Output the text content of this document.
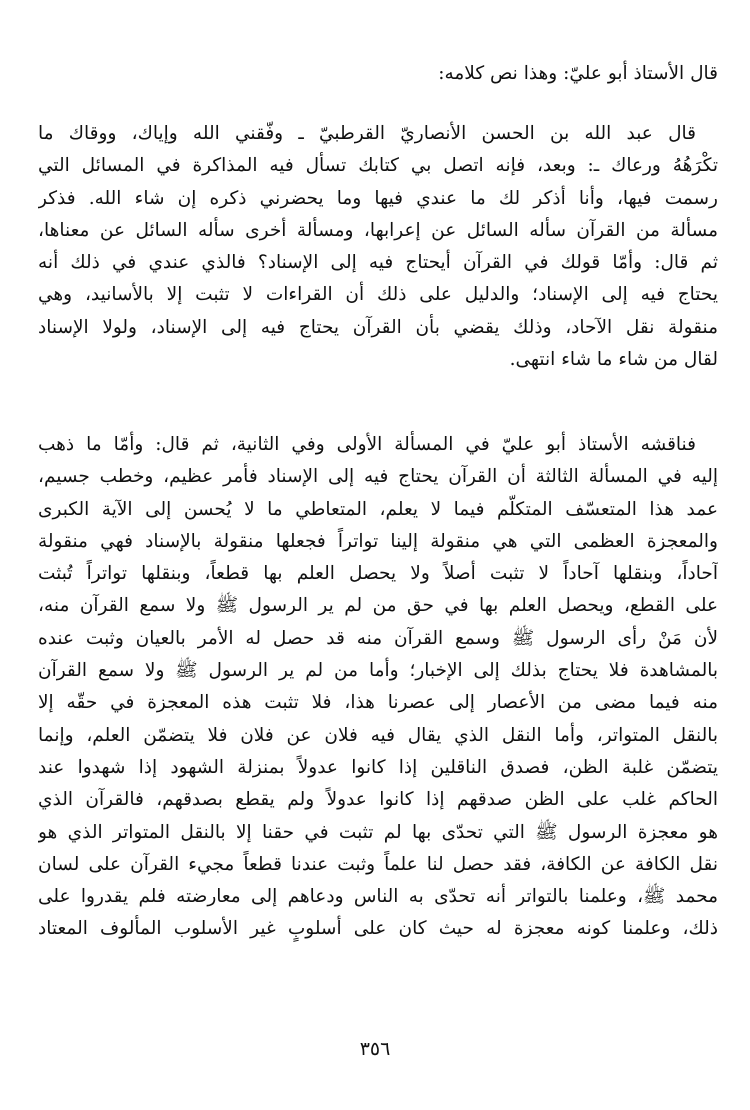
قال الأستاذ أبو عليّ: وهذا نص كلامه:
قال عبد الله بن الحسن الأنصاريّ القرطبيّ ـ وفّقني الله وإياك، ووقاك ما
تكْرَهُهُ ورعاك ـ: وبعد، فإنه اتصل بي كتابك تسأل فيه المذاكرة في المسائل التي
رسمت فيها، وأنا أذكر لك ما عندي فيها وما يحضرني ذكره إن شاء الله. فذكر
مسألة من القرآن سأله السائل عن إعرابها، ومسألة أخرى سأله السائل عن معناها،
ثم قال: وأمّا قولك في القرآن أيحتاج فيه إلى الإسناد؟ فالذي عندي في ذلك أنه
يحتاج فيه إلى الإسناد؛ والدليل على ذلك أن القراءات لا تثبت إلا بالأسانيد، وهي
منقولة نقل الآحاد، وذلك يقضي بأن القرآن يحتاج فيه إلى الإسناد، ولولا الإسناد
لقال من شاء ما شاء انتهى.
فناقشه الأستاذ أبو عليّ في المسألة الأولى وفي الثانية، ثم قال: وأمّا ما ذهب
إليه في المسألة الثالثة أن القرآن يحتاج فيه إلى الإسناد فأمر عظيم، وخطب جسيم،
عمد هذا المتعسّف المتكلّم فيما لا يعلم، المتعاطي ما لا يُحسن إلى الآية الكبرى
والمعجزة العظمى التي هي منقولة إلينا تواتراً فجعلها منقولة بالإسناد فهي منقولة
آحاداً، وبنقلها آحاداً لا تثبت أصلاً ولا يحصل العلم بها قطعاً، وبنقلها تواتراً تُبثت
على القطع، ويحصل العلم بها في حق من لم ير الرسول ﷺ ولا سمع القرآن منه،
لأن مَنْ رأى الرسول ﷺ وسمع القرآن منه قد حصل له الأمر بالعيان وثبت عنده
بالمشاهدة فلا يحتاج بذلك إلى الإخبار؛ وأما من لم ير الرسول ﷺ ولا سمع القرآن
منه فيما مضى من الأعصار إلى عصرنا هذا، فلا تثبت هذه المعجزة في حقّه إلا
بالنقل المتواتر، وأما النقل الذي يقال فيه فلان عن فلان فلا يتضمّن العلم، وإنما
يتضمّن غلبة الظن، فصدق الناقلين إذا كانوا عدولاً بمنزلة الشهود إذا شهدوا عند
الحاكم غلب على الظن صدقهم إذا كانوا عدولاً ولم يقطع بصدقهم، فالقرآن الذي
هو معجزة الرسول ﷺ التي تحدّى بها لم تثبت في حقنا إلا بالنقل المتواتر الذي هو
نقل الكافة عن الكافة، فقد حصل لنا علماً وثبت عندنا قطعاً مجيء القرآن على لسان
محمد ﷺ، وعلمنا بالتواتر أنه تحدّى به الناس ودعاهم إلى معارضته فلم يقدروا على
ذلك، وعلمنا كونه معجزة له حيث كان على أسلوبٍ غير الأسلوب المألوف المعتاد
٣٥٦
